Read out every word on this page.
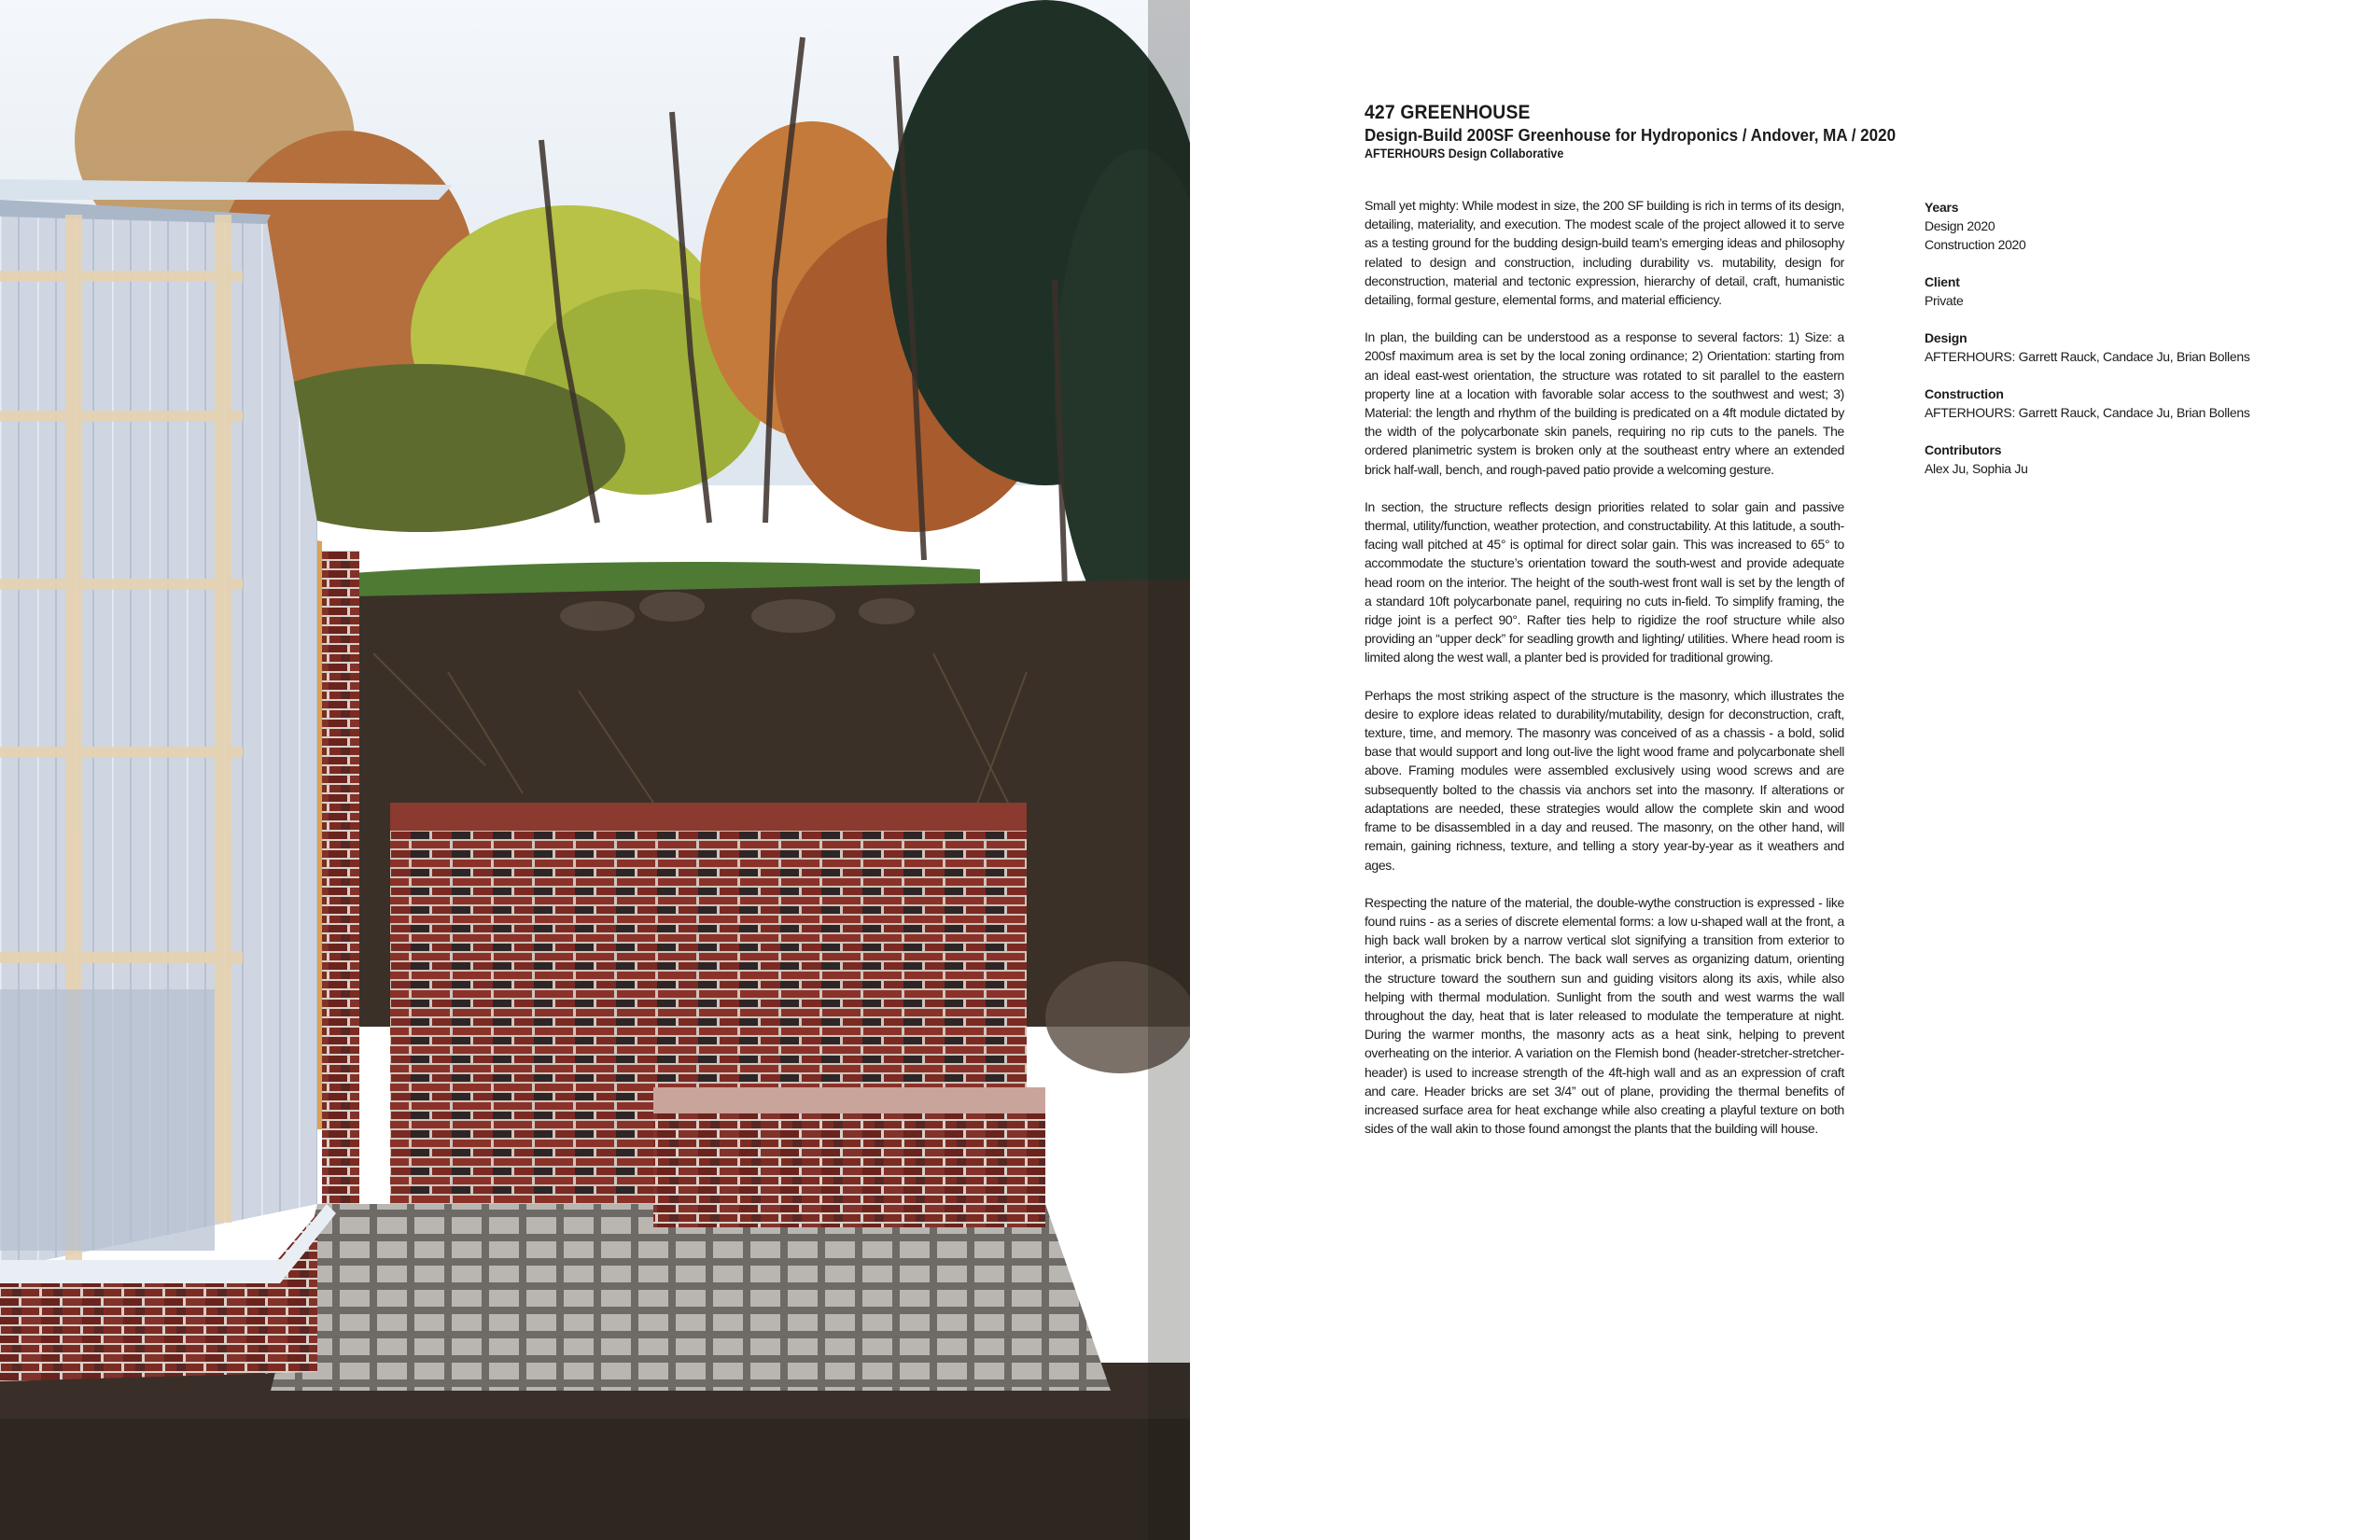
427 GREENHOUSE
Design-Build 200SF Greenhouse for Hydroponics / Andover, MA / 2020
AFTERHOURS Design Collaborative

Small yet mighty: While modest in size, the 200 SF building is rich in terms of its design, detailing, materiality, and execution. The modest scale of the project allowed it to serve as a testing ground for the budding design-build team’s emerging ideas and philosophy related to design and construction, including durability vs. mutability, design for deconstruction, material and tectonic expression, hierarchy of detail, craft, humanistic detailing, formal gesture, elemental forms, and material efficiency.

In plan, the building can be understood as a response to several factors: 1) Size: a 200sf maximum area is set by the local zoning ordinance; 2) Orientation: starting from an ideal east-west orientation, the structure was rotated to sit parallel to the eastern property line at a location with favorable solar access to the southwest and west; 3) Material: the length and rhythm of the building is predicated on a 4ft module dictated by the width of the polycarbonate skin panels, requiring no rip cuts to the panels. The ordered planimetric system is broken only at the southeast entry where an extended brick half-wall, bench, and rough-paved patio provide a welcoming gesture.

In section, the structure reflects design priorities related to solar gain and passive thermal, utility/function, weather protection, and constructability. At this latitude, a south-facing wall pitched at 45° is optimal for direct solar gain. This was increased to 65° to accommodate the stucture’s orientation toward the south-west and provide adequate head room on the interior. The height of the south-west front wall is set by the length of a standard 10ft polycarbonate panel, requiring no cuts in-field. To simplify framing, the ridge joint is a perfect 90°. Rafter ties help to rigidize the roof structure while also providing an “upper deck” for seadling growth and lighting/ utilities. Where head room is limited along the west wall, a planter bed is provided for traditional growing.

Perhaps the most striking aspect of the structure is the masonry, which illustrates the desire to explore ideas related to durability/mutability, design for deconstruction, craft, texture, time, and memory. The masonry was conceived of as a chassis - a bold, solid base that would support and long out-live the light wood frame and polycarbonate shell above. Framing modules were assembled exclusively using wood screws and are subsequently bolted to the chassis via anchors set into the masonry. If alterations or adaptations are needed, these strategies would allow the complete skin and wood frame to be disassembled in a day and reused. The masonry, on the other hand, will remain, gaining richness, texture, and telling a story year-by-year as it weathers and ages.

Respecting the nature of the material, the double-wythe construction is expressed - like found ruins - as a series of discrete elemental forms: a low u-shaped wall at the front, a high back wall broken by a narrow vertical slot signifying a transition from exterior to interior, a prismatic brick bench. The back wall serves as organizing datum, orienting the structure toward the southern sun and guiding visitors along its axis, while also helping with thermal modulation. Sunlight from the south and west warms the wall throughout the day, heat that is later released to modulate the temperature at night. During the warmer months, the masonry acts as a heat sink, helping to prevent overheating on the interior. A variation on the Flemish bond (header-stretcher-stretcher-header) is used to increase strength of the 4ft-high wall and as an expression of craft and care. Header bricks are set 3/4” out of plane, providing the thermal benefits of increased surface area for heat exchange while also creating a playful texture on both sides of the wall akin to those found amongst the plants that the building will house.

Years

Design 2020

Construction 2020

Client

Private

Design

AFTERHOURS: Garrett Rauck, Candace Ju, Brian Bollens

Construction

AFTERHOURS: Garrett Rauck, Candace Ju, Brian Bollens

Contributors

Alex Ju, Sophia Ju
